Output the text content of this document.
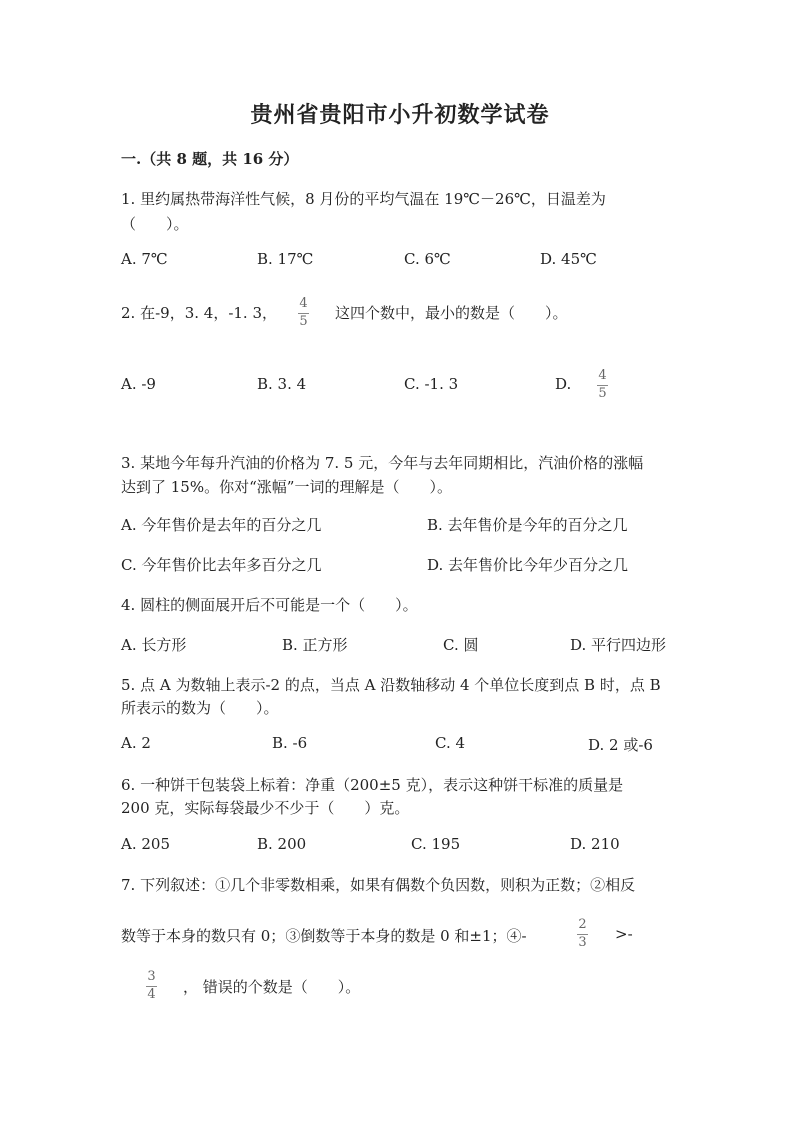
贵州省贵阳市小升初数学试卷
一.（共 8 题，共 16 分）
1. 里约属热带海洋性气候，8 月份的平均气温在 19℃－26℃，日温差为
（　　）。
A. 7℃	B. 17℃	C. 6℃	D. 45℃
2. 在-9，3. 4，-1. 3，
4
5 这四个数中，最小的数是（　　）。
A. -9	B. 3. 4	C. -1. 3	D. 4
5
3. 某地今年每升汽油的价格为 7. 5 元，今年与去年同期相比，汽油价格的涨幅
达到了 15%。你对“涨幅”一词的理解是（　　）。
A. 今年售价是去年的百分之几	B. 去年售价是今年的百分之几
C. 今年售价比去年多百分之几	D. 去年售价比今年少百分之几
4. 圆柱的侧面展开后不可能是一个（　　）。
A. 长方形	B. 正方形	C. 圆	D. 平行四边形
5. 点 A 为数轴上表示-2 的点，当点 A 沿数轴移动 4 个单位长度到点 B 时，点 B
所表示的数为（　　）。
A. 2	B. -6	C. 4	D. 2 或-6
6. 一种饼干包装袋上标着：净重（200±5 克），表示这种饼干标准的质量是
200 克，实际每袋最少不少于（　　）克。
A. 205	B. 200	C. 195	D. 210
7. 下列叙述：①几个非零数相乘，如果有偶数个负因数，则积为正数；②相反
数等于本身的数只有 0；③倒数等于本身的数是 0 和±1；④-
2
3 >-
3
4 ， 错误的个数是（　　）。
